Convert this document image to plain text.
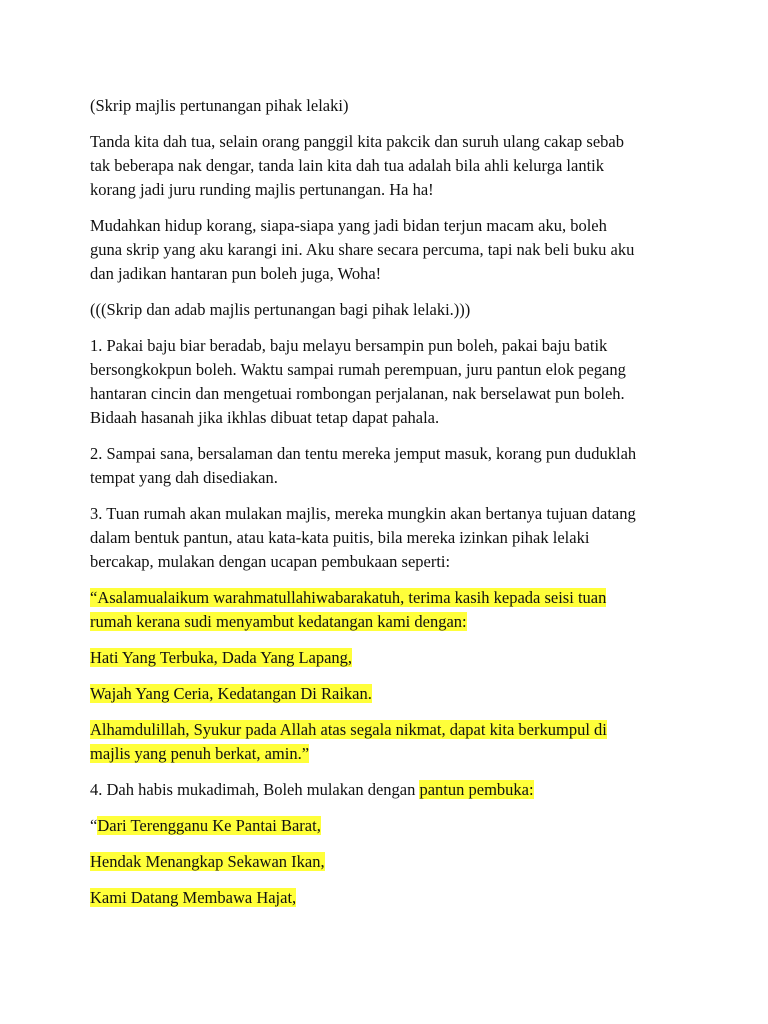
(Skrip majlis pertunangan pihak lelaki)

Tanda kita dah tua, selain orang panggil kita pakcik dan suruh ulang cakap sebab
tak beberapa nak dengar, tanda lain kita dah tua adalah bila ahli kelurga lantik
korang jadi juru runding majlis pertunangan. Ha ha!

Mudahkan hidup korang, siapa-siapa yang jadi bidan terjun macam aku, boleh
guna skrip yang aku karangi ini. Aku share secara percuma, tapi nak beli buku aku
dan jadikan hantaran pun boleh juga, Woha!

(((Skrip dan adab majlis pertunangan bagi pihak lelaki.)))

1. Pakai baju biar beradab, baju melayu bersampin pun boleh, pakai baju batik
bersongkokpun boleh. Waktu sampai rumah perempuan, juru pantun elok pegang
hantaran cincin dan mengetuai rombongan perjalanan, nak berselawat pun boleh.
Bidaah hasanah jika ikhlas dibuat tetap dapat pahala.

2. Sampai sana, bersalaman dan tentu mereka jemput masuk, korang pun duduklah
tempat yang dah disediakan.

3. Tuan rumah akan mulakan majlis, mereka mungkin akan bertanya tujuan datang
dalam bentuk pantun, atau kata-kata puitis, bila mereka izinkan pihak lelaki
bercakap, mulakan dengan ucapan pembukaan seperti:

“Asalamualaikum warahmatullahiwabarakatuh, terima kasih kepada seisi tuan
rumah kerana sudi menyambut kedatangan kami dengan:

Hati Yang Terbuka, Dada Yang Lapang,

Wajah Yang Ceria, Kedatangan Di Raikan.

Alhamdulillah, Syukur pada Allah atas segala nikmat, dapat kita berkumpul di
majlis yang penuh berkat, amin.”

4. Dah habis mukadimah, Boleh mulakan dengan pantun pembuka:

“Dari Terengganu Ke Pantai Barat,

Hendak Menangkap Sekawan Ikan,

Kami Datang Membawa Hajat,
